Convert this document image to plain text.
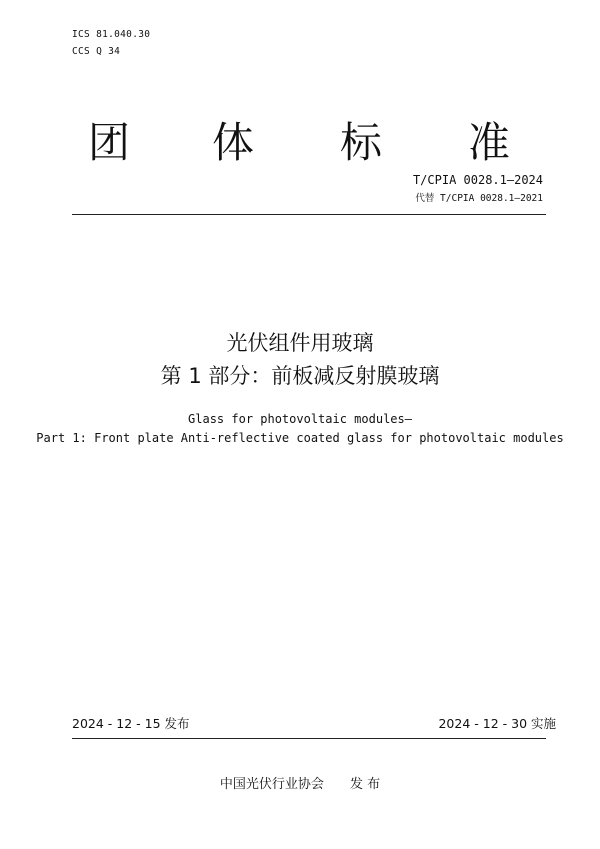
ICS 81.040.30
CCS Q 34
团 体 标 准
T/CPIA 0028.1—2024
代替 T/CPIA 0028.1—2021
光伏组件用玻璃
第 1 部分：前板减反射膜玻璃
Glass for photovoltaic modules—
Part 1: Front plate Anti-reflective coated glass for photovoltaic modules
2024 - 12 - 15 发布	2024 - 12 - 30 实施
中国光伏行业协会 发 布
